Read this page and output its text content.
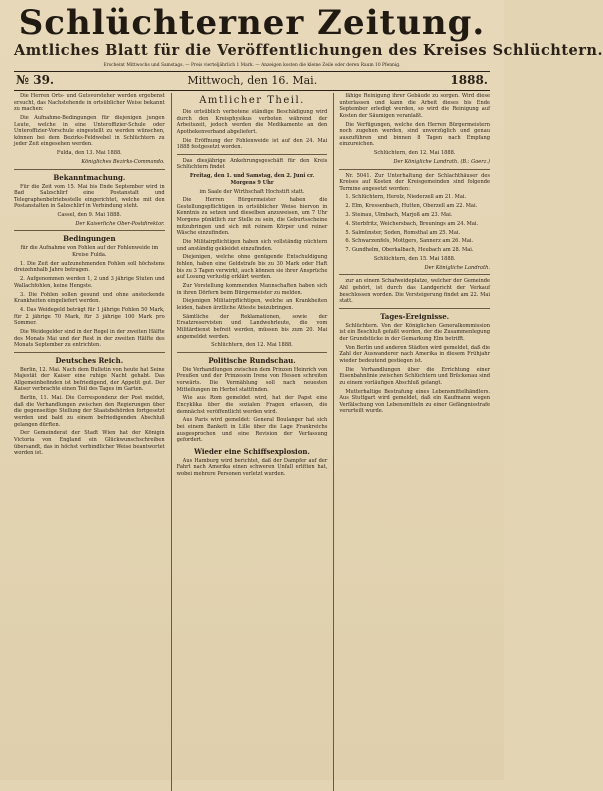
Schlüchterner Zeitung.
Amtliches Blatt für die Veröffentlichungen des Kreises Schlüchtern.
Erscheint Mittwochs und Samstags. — Preis vierteljährlich 1 Mark. — Anzeigen kosten die kleine Zeile oder deren Raum 10 Pfennig.
№ 39.	Mittwoch, den 16. Mai.	1888.

Die Herren Orts- und Gutsvorsteher werden ergebenst ersucht, das Nachstehende in ortsüblicher Weise bekannt zu machen:

Die Aufnahme-Bedingungen für diejenigen jungen Leute, welche in eine Unteroffizier-Schule oder Unteroffizier-Vorschule eingestellt zu werden wünschen, können bei dem Bezirks-Feldwebel in Schlüchtern zu jeder Zeit eingesehen werden.

Fulda, den 13. Mai 1888.

Königliches Bezirks-Commando.

Bekanntmachung.

Für die Zeit vom 15. Mai bis Ende September wird in Bad Salzschlirf eine Postanstalt und Telegraphenbetriebsstelle eingerichtet, welche mit den Postanstalten in Salzschlirf in Verbindung steht.

Cassel, den 9. Mai 1888.

Der Kaiserliche Ober-Postdirektor.

Bedingungen

für die Aufnahme von Fohlen auf der Fohlenweide im Kreise Fulda.

1. Die Zeit der aufzunehmenden Fohlen soll höchstens dreizehnhalb Jahre betragen.

2. Aufgenommen werden 1, 2 und 3 jährige Stuten und Wallachfohlen, keine Hengste.

3. Die Fohlen sollen gesund und ohne ansteckende Krankheiten eingeliefert werden.

4. Das Weidegeld beträgt für 1 jährige Fohlen 50 Mark, für 2 jährige 70 Mark, für 3 jährige 100 Mark pro Sommer.

Die Weidegelder sind in der Regel in der zweiten Hälfte des Monats Mai und der Rest in der zweiten Hälfte des Monats September zu entrichten.

Deutsches Reich.

Berlin, 12. Mai. Nach dem Bulletin von heute hat Seine Majestät der Kaiser eine ruhige Nacht gehabt. Das Allgemeinbefinden ist befriedigend, der Appetit gut. Der Kaiser verbrachte einen Teil des Tages im Garten.

Berlin, 11. Mai. Die Correspondenz der Post meldet, daß die Verhandlungen zwischen den Regierungen über die gegenseitige Stellung der Staatsbehörden fortgesetzt werden und bald zu einem befriedigenden Abschluß gelangen dürften.

Der Gemeinderat der Stadt Wien hat der Königin Victoria von England ein Glückwunschschreiben übersandt, das in höchst verbindlicher Weise beantwortet worden ist.

Amtlicher Theil.

Die ortsüblich verbotene ständige Beschädigung wird durch den Kreisphysikus verboten während der Arbeitszeit, jedoch werden die Medikamente an den Apothekenverband abgeliefert.

Die Eröffnung der Fohlenweide ist auf den 24. Mai 1888 festgesetzt worden.

Das diesjährige Ankehrungsgeschäft für den Kreis Schlüchtern findet

Freitag, den 1. und Samstag, den 2. Juni cr. Morgens 9 Uhr

im Saale der Wirthschaft Hochstift statt.

Die Herren Bürgermeister haben die Gestellungspflichtigen in ortsüblicher Weise hiervon in Kenntnis zu setzen und dieselben anzuweisen, um 7 Uhr Morgens pünktlich zur Stelle zu sein, die Geburtsscheine mitzubringen und sich mit reinem Körper und reiner Wäsche einzufinden.

Die Militairpflichtigen haben sich vollständig nüchtern und anständig gekleidet einzufinden.

Diejenigen, welche ohne genügende Entschuldigung fehlen, haben eine Geldstrafe bis zu 30 Mark oder Haft bis zu 3 Tagen verwirkt, auch können sie ihrer Ansprüche auf Losung verlustig erklärt werden.

Zur Vorstellung kommenden Mannschaften haben sich in ihren Dörfern beim Bürgermeister zu melden.

Diejenigen Militairpflichtigen, welche an Krankheiten leiden, haben ärztliche Atteste beizubringen.

Sämtliche der Reklamationen, sowie der Ersatzreservisten und Landwehrleute, die vom Militärdienst befreit werden, müssen bis zum 20. Mai angemeldet werden.

Schlüchtern, den 12. Mai 1888.

Politische Rundschau.

Die Verhandlungen zwischen dem Prinzen Heinrich von Preußen und der Prinzessin Irene von Hessen schreiten vorwärts. Die Vermählung soll nach neuesten Mitteilungen im Herbst stattfinden.

Wie aus Rom gemeldet wird, hat der Papst eine Encyklika über die sozialen Fragen erlassen, die demnächst veröffentlicht werden wird.

Aus Paris wird gemeldet: General Boulanger hat sich bei einem Bankett in Lille über die Lage Frankreichs ausgesprochen und eine Revision der Verfassung gefordert.

Wieder eine Schiffsexplosion.

Aus Hamburg wird berichtet, daß der Dampfer auf der Fahrt nach Amerika einen schweren Unfall erlitten hat, wobei mehrere Personen verletzt wurden.

fähige Reinigung ihrer Gebäude zu sorgen. Wird diese unterlassen und kann die Arbeit dieses bis Ende September erledigt werden, so wird die Reinigung auf Kosten der Säumigen veranlaßt.

Die Verfügungen, welche den Herren Bürgermeistern noch zugehen werden, sind unverzüglich und genau auszuführen und binnen 8 Tagen nach Empfang einzureichen.

Schlüchtern, den 12. Mai 1888.

Der Königliche Landrath. (B.: Goerz.)

Nr. 5041. Zur Unterhaltung der Schlachthäuser des Kreises auf Kosten der Kreisgemeinden sind folgende Termine angesetzt worden:

1. Schlüchtern, Herolz, Niederzell am 21. Mai.

2. Elm, Kressenbach, Hutten, Oberzell am 22. Mai.

3. Steinau, Ulmbach, Marjoß am 23. Mai.

4. Sterbfritz, Weichersbach, Breunings am 24. Mai.

5. Salmünster, Soden, Romsthal am 25. Mai.

6. Schwarzenfels, Mottgers, Sannerz am 26. Mai.

7. Gundhelm, Oberkalbach, Heubach am 28. Mai.

Schlüchtern, den 15. Mai 1888.

Der Königliche Landrath.

zur an einem Schafweideplatze, welcher der Gemeinde Ahl gehört, ist durch das Landgericht der Verkauf beschlossen worden. Die Versteigerung findet am 22. Mai statt.

Tages-Ereignisse.

Schlüchtern. Von der Königlichen Generalkommission ist ein Beschluß gefaßt worden, der die Zusammenlegung der Grundstücke in der Gemarkung Elm betrifft.

Von Berlin und anderen Städten wird gemeldet, daß die Zahl der Auswanderer nach Amerika in diesem Frühjahr wieder bedeutend gestiegen ist.

Die Verhandlungen über die Errichtung einer Eisenbahnlinie zwischen Schlüchtern und Brückenau sind zu einem vorläufigen Abschluß gelangt.

Mutterhaltige Bestrafung eines Lebensmittelhändlers. Aus Stuttgart wird gemeldet, daß ein Kaufmann wegen Verfälschung von Lebensmitteln zu einer Gefängnisstrafe verurteilt wurde.
